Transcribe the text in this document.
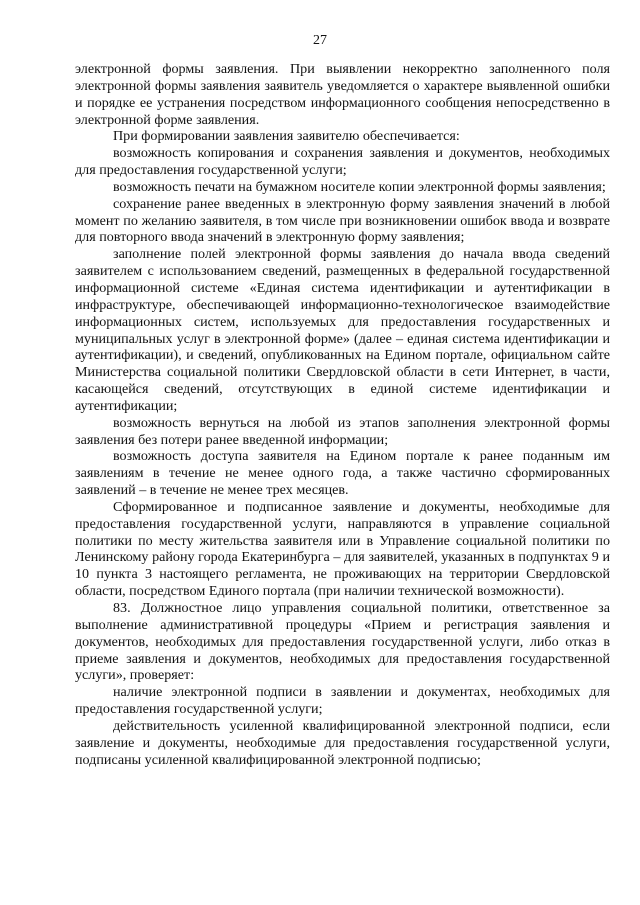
27

электронной формы заявления. При выявлении некорректно заполненного поля электронной формы заявления заявитель уведомляется о характере выявленной ошибки и порядке ее устранения посредством информационного сообщения непосредственно в электронной форме заявления.

При формировании заявления заявителю обеспечивается:

возможность копирования и сохранения заявления и документов, необходимых для предоставления государственной услуги;

возможность печати на бумажном носителе копии электронной формы заявления;

сохранение ранее введенных в электронную форму заявления значений в любой момент по желанию заявителя, в том числе при возникновении ошибок ввода и возврате для повторного ввода значений в электронную форму заявления;

заполнение полей электронной формы заявления до начала ввода сведений заявителем с использованием сведений, размещенных в федеральной государственной информационной системе «Единая система идентификации и аутентификации в инфраструктуре, обеспечивающей информационно-технологическое взаимодействие информационных систем, используемых для предоставления государственных и муниципальных услуг в электронной форме» (далее – единая система идентификации и аутентификации), и сведений, опубликованных на Едином портале, официальном сайте Министерства социальной политики Свердловской области в сети Интернет, в части, касающейся сведений, отсутствующих в единой системе идентификации и аутентификации;

возможность вернуться на любой из этапов заполнения электронной формы заявления без потери ранее введенной информации;

возможность доступа заявителя на Едином портале к ранее поданным им заявлениям в течение не менее одного года, а также частично сформированных заявлений – в течение не менее трех месяцев.

Сформированное и подписанное заявление и документы, необходимые для предоставления государственной услуги, направляются в управление социальной политики по месту жительства заявителя или в Управление социальной политики по Ленинскому району города Екатеринбурга – для заявителей, указанных в подпунктах 9 и 10 пункта 3 настоящего регламента, не проживающих на территории Свердловской области, посредством Единого портала (при наличии технической возможности).

83. Должностное лицо управления социальной политики, ответственное за выполнение административной процедуры «Прием и регистрация заявления и документов, необходимых для предоставления государственной услуги, либо отказ в приеме заявления и документов, необходимых для предоставления государственной услуги», проверяет:

наличие электронной подписи в заявлении и документах, необходимых для предоставления государственной услуги;

действительность усиленной квалифицированной электронной подписи, если заявление и документы, необходимые для предоставления государственной услуги, подписаны усиленной квалифицированной электронной подписью;
